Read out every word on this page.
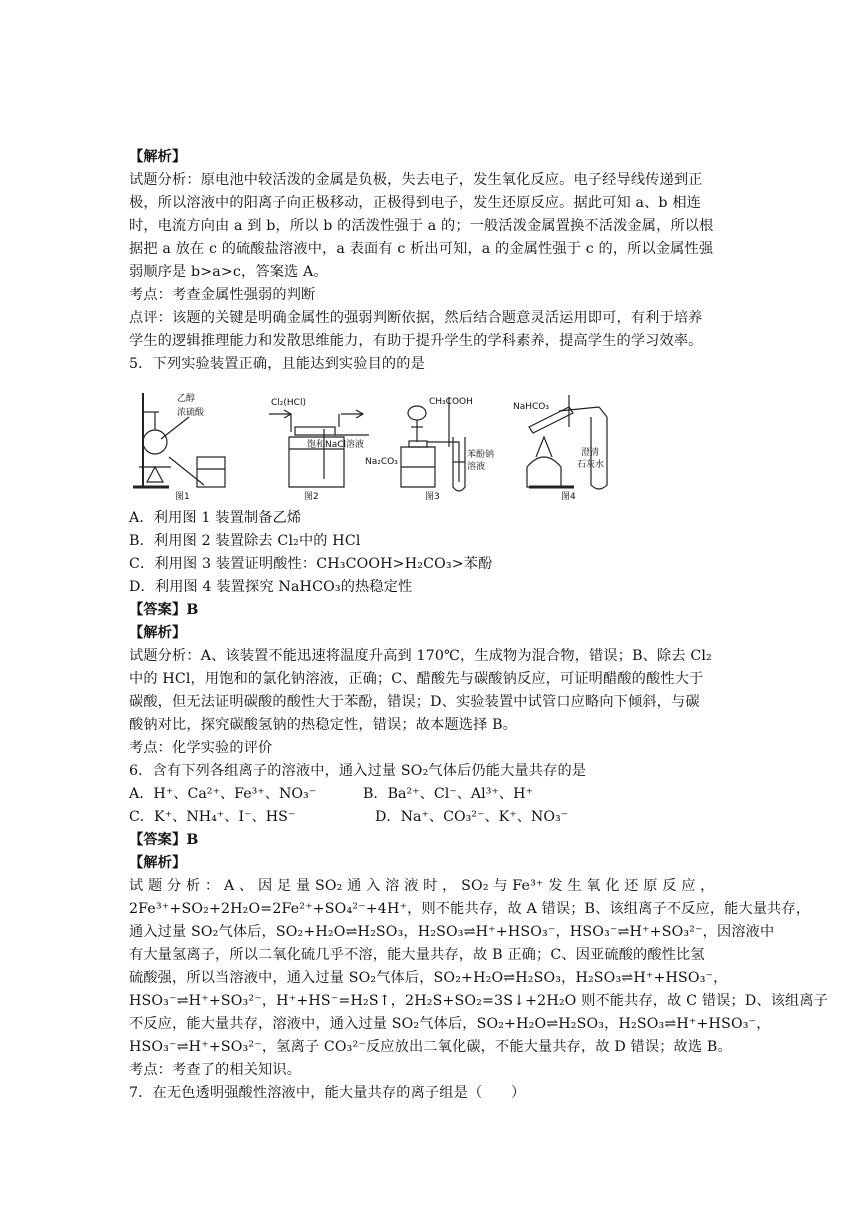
【解析】
试题分析：原电池中较活泼的金属是负极，失去电子，发生氧化反应。电子经导线传递到正
极，所以溶液中的阳离子向正极移动，正极得到电子，发生还原反应。据此可知 a、b 相连
时，电流方向由 a 到 b，所以 b 的活泼性强于 a 的；一般活泼金属置换不活泼金属，所以根
据把 a 放在 c 的硫酸盐溶液中，a 表面有 c 析出可知，a 的金属性强于 c 的，所以金属性强
弱顺序是 b>a>c，答案选 A。
考点：考查金属性强弱的判断
点评：该题的关键是明确金属性的强弱判断依据，然后结合题意灵活运用即可，有利于培养
学生的逻辑推理能力和发散思维能力，有助于提升学生的学科素养，提高学生的学习效率。
5．下列实验装置正确，且能达到实验目的的是
乙醇
浓硫酸
Cl₂(HCl)
饱和NaCl溶液
CH₃COOH
Na₂CO₃
苯酚钠
溶液
NaHCO₃
澄清
石灰水
图1	图2	图3	图4
A．利用图 1 装置制备乙烯
B．利用图 2 装置除去 Cl₂中的 HCl
C．利用图 3 装置证明酸性：CH₃COOH>H₂CO₃>苯酚
D．利用图 4 装置探究 NaHCO₃的热稳定性
【答案】B
【解析】
试题分析：A、该装置不能迅速将温度升高到 170℃，生成物为混合物，错误；B、除去 Cl₂
中的 HCl，用饱和的氯化钠溶液，正确；C、醋酸先与碳酸钠反应，可证明醋酸的酸性大于
碳酸，但无法证明碳酸的酸性大于苯酚，错误；D、实验装置中试管口应略向下倾斜，与碳
酸钠对比，探究碳酸氢钠的热稳定性，错误；故本题选择 B。
考点：化学实验的评价
6．含有下列各组离子的溶液中，通入过量 SO₂气体后仍能大量共存的是
A．H⁺、Ca²⁺、Fe³⁺、NO₃⁻	B．Ba²⁺、Cl⁻、Al³⁺、H⁺
C．K⁺、NH₄⁺、I⁻、HS⁻	D．Na⁺、CO₃²⁻、K⁺、NO₃⁻
【答案】B
【解析】
试 题 分 析 ： A 、 因 足 量 SO₂ 通 入 溶 液 时 ， SO₂ 与 Fe³⁺ 发 生 氧 化 还 原 反 应 ，
2Fe³⁺+SO₂+2H₂O=2Fe²⁺+SO₄²⁻+4H⁺，则不能共存，故 A 错误；B、该组离子不反应，能大量共存，
通入过量 SO₂气体后，SO₂+H₂O⇌H₂SO₃，H₂SO₃⇌H⁺+HSO₃⁻，HSO₃⁻⇌H⁺+SO₃²⁻，因溶液中
有大量氢离子，所以二氧化硫几乎不溶，能大量共存，故 B 正确；C、因亚硫酸的酸性比氢
硫酸强，所以当溶液中，通入过量 SO₂气体后，SO₂+H₂O⇌H₂SO₃，H₂SO₃⇌H⁺+HSO₃⁻，
HSO₃⁻⇌H⁺+SO₃²⁻，H⁺+HS⁻=H₂S↑，2H₂S+SO₂=3S↓+2H₂O 则不能共存，故 C 错误；D、该组离子
不反应，能大量共存，溶液中，通入过量 SO₂气体后，SO₂+H₂O⇌H₂SO₃，H₂SO₃⇌H⁺+HSO₃⁻，
HSO₃⁻⇌H⁺+SO₃²⁻，氢离子 CO₃²⁻反应放出二氧化碳，不能大量共存，故 D 错误；故选 B。
考点：考查了的相关知识。
7．在无色透明强酸性溶液中，能大量共存的离子组是（　　）
